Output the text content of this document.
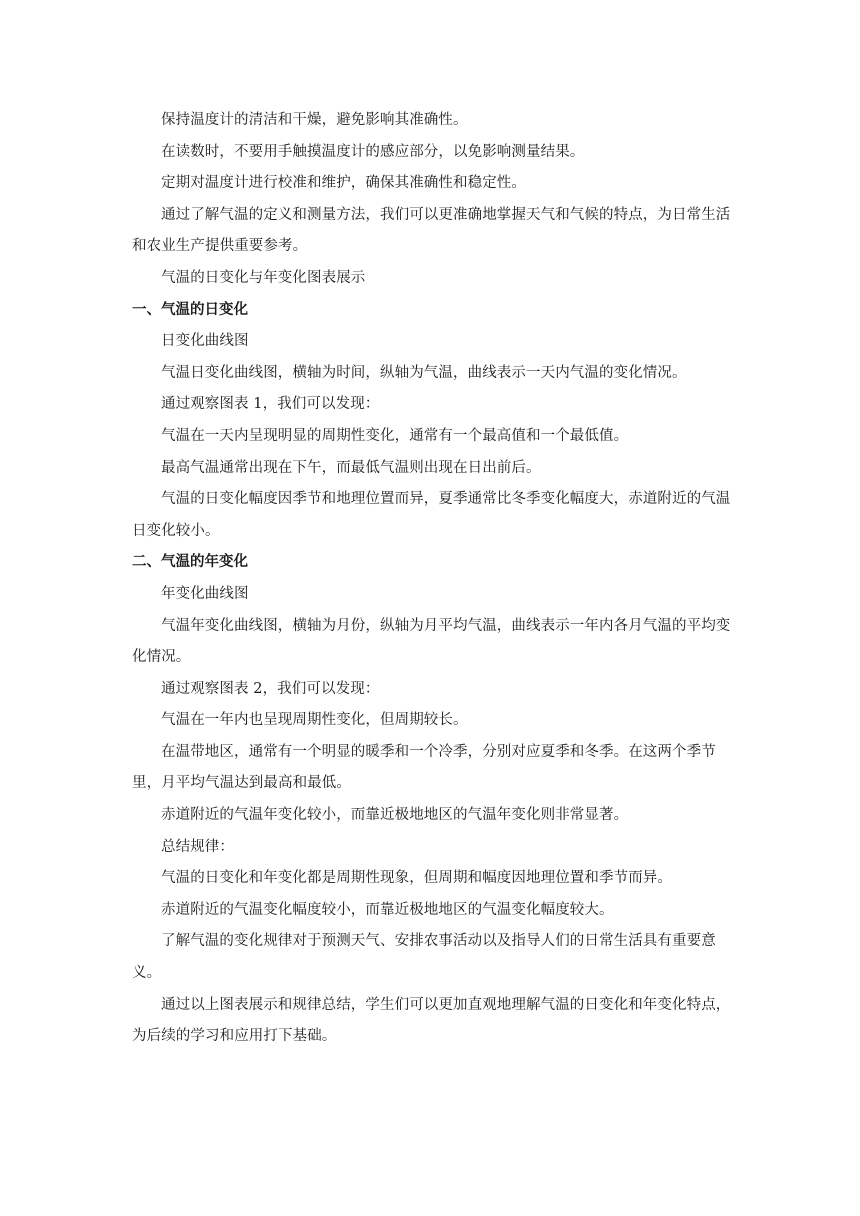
保持温度计的清洁和干燥，避免影响其准确性。

在读数时，不要用手触摸温度计的感应部分，以免影响测量结果。

定期对温度计进行校准和维护，确保其准确性和稳定性。

通过了解气温的定义和测量方法，我们可以更准确地掌握天气和气候的特点，为日常生活和农业生产提供重要参考。

气温的日变化与年变化图表展示

一、气温的日变化

日变化曲线图

气温日变化曲线图，横轴为时间，纵轴为气温，曲线表示一天内气温的变化情况。

通过观察图表 1，我们可以发现：

气温在一天内呈现明显的周期性变化，通常有一个最高值和一个最低值。

最高气温通常出现在下午，而最低气温则出现在日出前后。

气温的日变化幅度因季节和地理位置而异，夏季通常比冬季变化幅度大，赤道附近的气温日变化较小。

二、气温的年变化

年变化曲线图

气温年变化曲线图，横轴为月份，纵轴为月平均气温，曲线表示一年内各月气温的平均变化情况。

通过观察图表 2，我们可以发现：

气温在一年内也呈现周期性变化，但周期较长。

在温带地区，通常有一个明显的暖季和一个冷季，分别对应夏季和冬季。在这两个季节里，月平均气温达到最高和最低。

赤道附近的气温年变化较小，而靠近极地地区的气温年变化则非常显著。

总结规律：

气温的日变化和年变化都是周期性现象，但周期和幅度因地理位置和季节而异。

赤道附近的气温变化幅度较小，而靠近极地地区的气温变化幅度较大。

了解气温的变化规律对于预测天气、安排农事活动以及指导人们的日常生活具有重要意义。

通过以上图表展示和规律总结，学生们可以更加直观地理解气温的日变化和年变化特点，为后续的学习和应用打下基础。
